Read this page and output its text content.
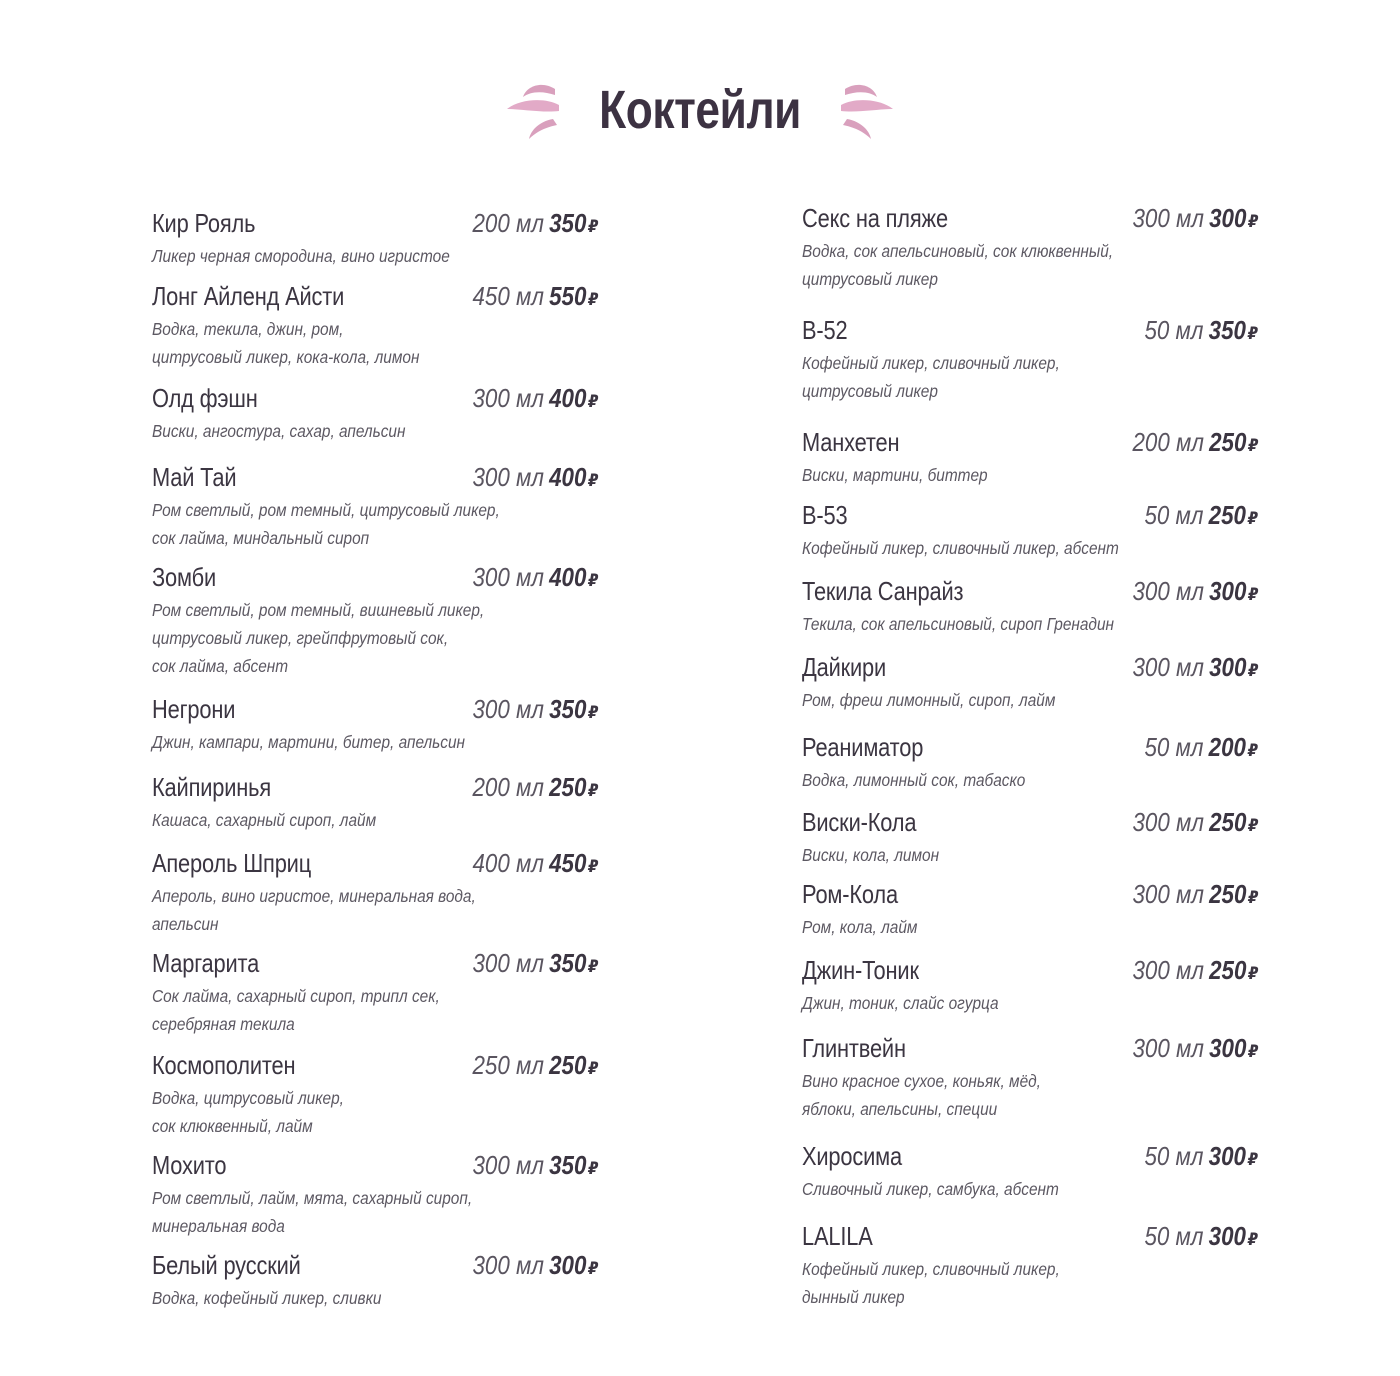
Коктейли
Кир Рояль	200 мл 350 ₽
Ликер черная смородина, вино игристое
Лонг Айленд Айсти	450 мл 550 ₽
Водка, текила, джин, ром,
цитрусовый ликер, кока-кола, лимон
Олд фэшн	300 мл 400 ₽
Виски, ангостура, сахар, апельсин
Май Тай	300 мл 400 ₽
Ром светлый, ром темный, цитрусовый ликер,
сок лайма, миндальный сироп
Зомби	300 мл 400 ₽
Ром светлый, ром темный, вишневый ликер,
цитрусовый ликер, грейпфрутовый сок,
сок лайма, абсент
Негрони	300 мл 350 ₽
Джин, кампари, мартини, битер, апельсин
Кайпиринья	200 мл 250 ₽
Кашаса, сахарный сироп, лайм
Апероль Шприц	400 мл 450 ₽
Апероль, вино игристое, минеральная вода,
апельсин
Маргарита	300 мл 350 ₽
Сок лайма, сахарный сироп, трипл сек,
серебряная текила
Космополитен	250 мл 250 ₽
Водка, цитрусовый ликер,
сок клюквенный, лайм
Мохито	300 мл 350 ₽
Ром светлый, лайм, мята, сахарный сироп,
минеральная вода
Белый русский	300 мл 300 ₽
Водка, кофейный ликер, сливки
Секс на пляже	300 мл 300 ₽
Водка, сок апельсиновый, сок клюквенный,
цитрусовый ликер
В-52	50 мл 350 ₽
Кофейный ликер, сливочный ликер,
цитрусовый ликер
Манхетен	200 мл 250 ₽
Виски, мартини, биттер
В-53	50 мл 250 ₽
Кофейный ликер, сливочный ликер, абсент
Текила Санрайз	300 мл 300 ₽
Текила, сок апельсиновый, сироп Гренадин
Дайкири	300 мл 300 ₽
Ром, фреш лимонный, сироп, лайм
Реаниматор	50 мл 200 ₽
Водка, лимонный сок, табаско
Виски-Кола	300 мл 250 ₽
Виски, кола, лимон
Ром-Кола	300 мл 250 ₽
Ром, кола, лайм
Джин-Тоник	300 мл 250 ₽
Джин, тоник, слайс огурца
Глинтвейн	300 мл 300 ₽
Вино красное сухое, коньяк, мёд,
яблоки, апельсины, специи
Хиросима	50 мл 300 ₽
Сливочный ликер, самбука, абсент
LALILA	50 мл 300 ₽
Кофейный ликер, сливочный ликер,
дынный ликер
